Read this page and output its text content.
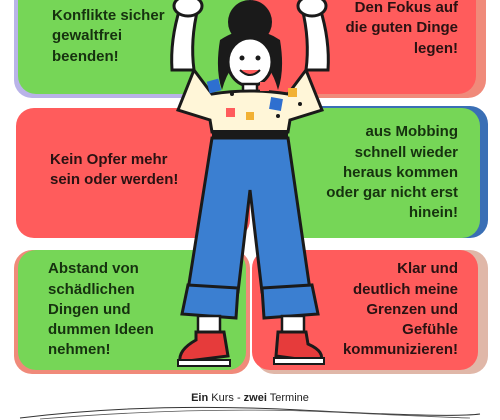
Konflikte sicher
gewaltfrei
beenden!
Den Fokus auf
die guten Dinge
legen!
Kein Opfer mehr
sein oder werden!
aus Mobbing
schnell wieder
heraus kommen
oder gar nicht erst
hinein!
Abstand von
schädlichen
Dingen und
dummen Ideen
nehmen!
Klar und
deutlich meine
Grenzen und
Gefühle
kommunizieren!
Ein Kurs - zwei Termine
